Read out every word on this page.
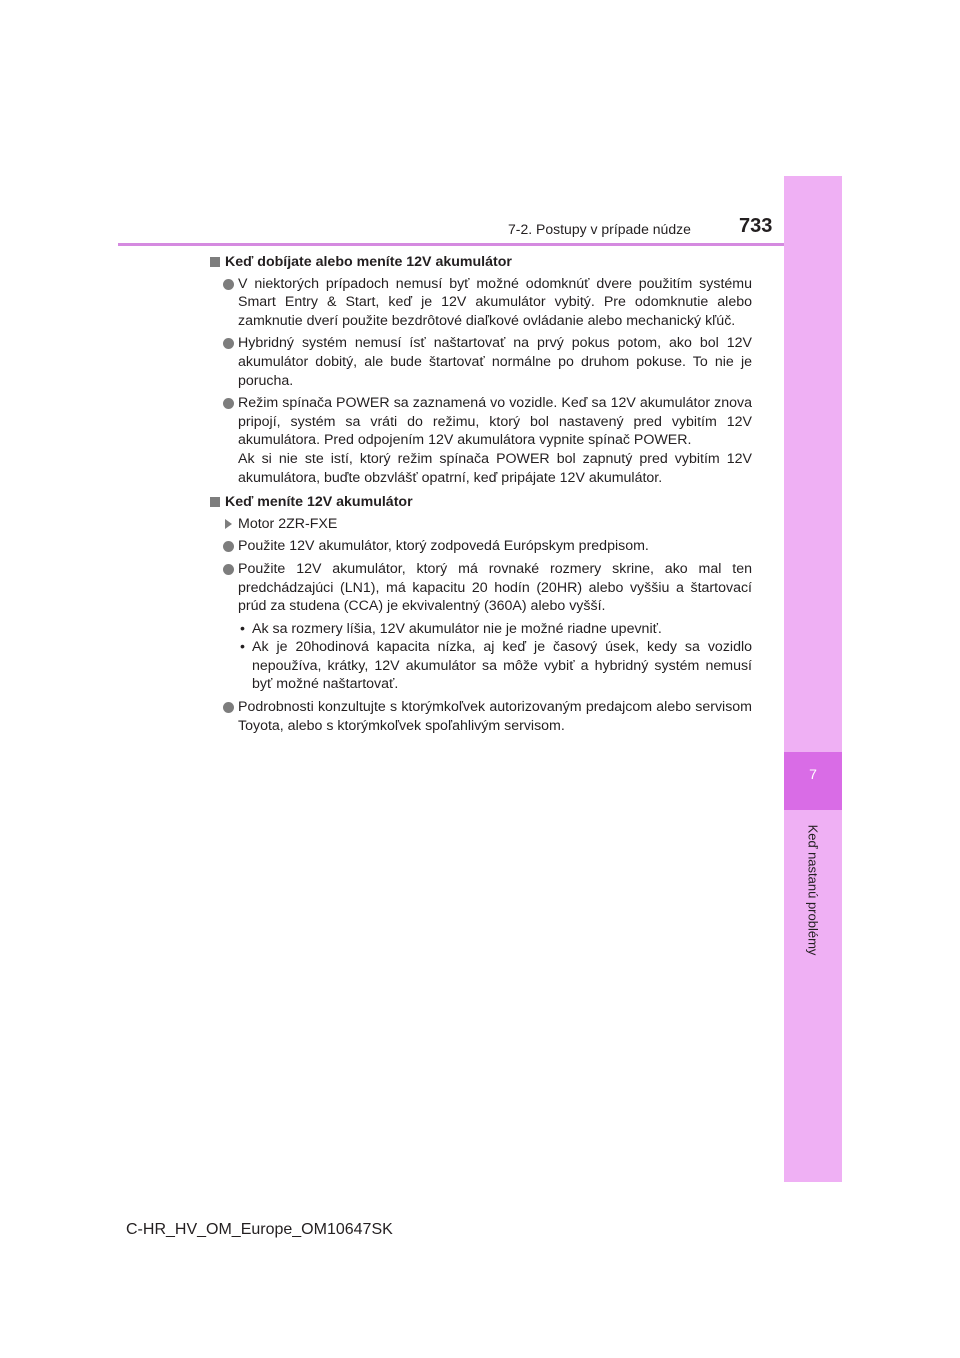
7
Keď nastanú problémy
7-2. Postupy v prípade núdze 733
Keď dobíjate alebo meníte 12V akumulátor
V niektorých prípadoch nemusí byť možné odomknúť dvere použitím systému Smart Entry & Start, keď je 12V akumulátor vybitý. Pre odomknutie alebo zamknutie dverí použite bezdrôtové diaľkové ovládanie alebo mechanický kľúč.
Hybridný systém nemusí ísť naštartovať na prvý pokus potom, ako bol 12V akumulátor dobitý, ale bude štartovať normálne po druhom pokuse. To nie je porucha.
Režim spínača POWER sa zaznamená vo vozidle. Keď sa 12V akumulátor znova pripojí, systém sa vráti do režimu, ktorý bol nastavený pred vybitím 12V akumulátora. Pred odpojením 12V akumulátora vypnite spínač POWER.
Ak si nie ste istí, ktorý režim spínača POWER bol zapnutý pred vybitím 12V akumulátora, buďte obzvlášť opatrní, keď pripájate 12V akumulátor.
Keď meníte 12V akumulátor
Motor 2ZR-FXE
Použite 12V akumulátor, ktorý zodpovedá Európskym predpisom.
Použite 12V akumulátor, ktorý má rovnaké rozmery skrine, ako mal ten predchádzajúci (LN1), má kapacitu 20 hodín (20HR) alebo vyššiu a štartovací prúd za studena (CCA) je ekvivalentný (360A) alebo vyšší.
• Ak sa rozmery líšia, 12V akumulátor nie je možné riadne upevniť.
• Ak je 20hodinová kapacita nízka, aj keď je časový úsek, kedy sa vozidlo nepoužíva, krátky, 12V akumulátor sa môže vybiť a hybridný systém nemusí byť možné naštartovať.
Podrobnosti konzultujte s ktorýmkoľvek autorizovaným predajcom alebo servisom Toyota, alebo s ktorýmkoľvek spoľahlivým servisom.
C-HR_HV_OM_Europe_OM10647SK
